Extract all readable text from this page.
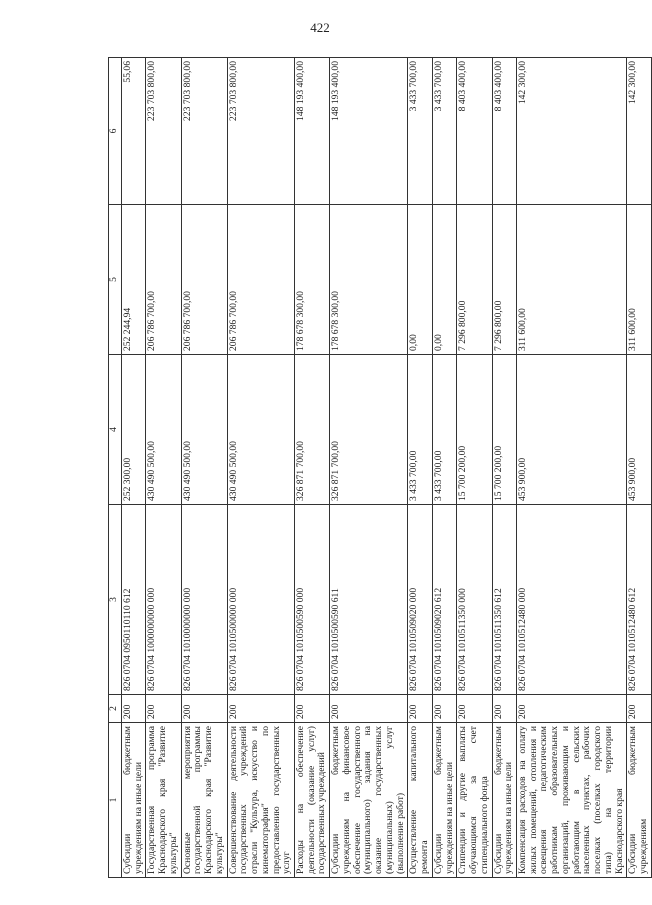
422
1	2	3	4	5	6
Субсидии бюджетным учреждениям на иные цели	200	826 0704 0950110110 612	252 300,00	252 244,94	55,06
Государственная программа Краснодарского края "Развитие культуры"	200	826 0704 1000000000 000	430 490 500,00	206 786 700,00	223 703 800,00
Основные мероприятия государственной программы Краснодарского края "Развитие культуры"	200	826 0704 1010000000 000	430 490 500,00	206 786 700,00	223 703 800,00
Совершенствование деятельности государственных учреждений отрасли "Культура, искусство и кинематография" по предоставлению государственных услуг	200	826 0704 1010500000 000	430 490 500,00	206 786 700,00	223 703 800,00
Расходы на обеспечение деятельности (оказание услуг) государственных учреждений	200	826 0704 1010500590 000	326 871 700,00	178 678 300,00	148 193 400,00
Субсидии бюджетным учреждениям на финансовое обеспечение государственного (муниципального) задания на оказание государственных (муниципальных) услуг (выполнение работ)	200	826 0704 1010500590 611	326 871 700,00	178 678 300,00	148 193 400,00
Осуществление капитального ремонта	200	826 0704 1010509020 000	3 433 700,00	0,00	3 433 700,00
Субсидии бюджетным учреждениям на иные цели	200	826 0704 1010509020 612	3 433 700,00	0,00	3 433 700,00
Стипендии и другие выплаты обучающимся за счет стипендиального фонда	200	826 0704 1010511350 000	15 700 200,00	7 296 800,00	8 403 400,00
Субсидии бюджетным учреждениям на иные цели	200	826 0704 1010511350 612	15 700 200,00	7 296 800,00	8 403 400,00
Компенсация расходов на оплату жилых помещений, отопления и освещения педагогическим работникам образовательных организаций, проживающим и работающим в сельских населенных пунктах, рабочих поселках (поселках городского типа) на территории Краснодарского края	200	826 0704 1010512480 000	453 900,00	311 600,00	142 300,00
Субсидии бюджетным учреждениям	200	826 0704 1010512480 612	453 900,00	311 600,00	142 300,00
